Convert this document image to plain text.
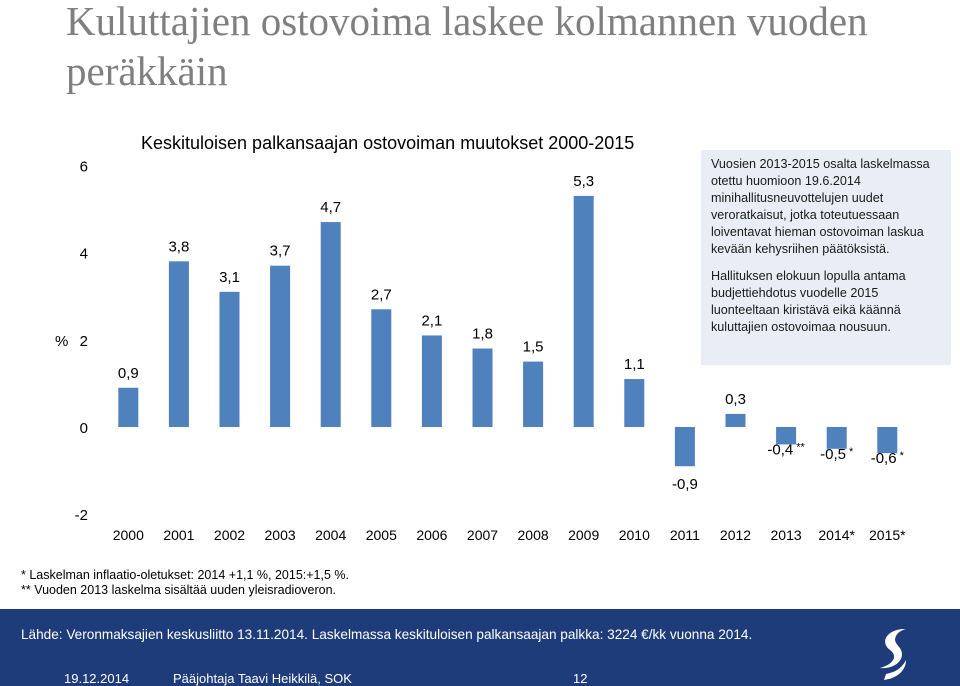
Kuluttajien ostovoima laskee kolmannen vuoden peräkkäin
Keskituloisen palkansaajan ostovoiman muutokset 2000-2015
-2
0
2
4
6
%
2000
0,9
2001
3,8
2002
3,1
2003
3,7
2004
4,7
2005
2,7
2006
2,1
2007
1,8
2008
1,5
2009
5,3
2010
1,1
2011
-0,9
2012
0,3
2013
-0,4 **
2014*
-0,5 *
2015*
-0,6 *

Vuosien 2013-2015 osalta laskelmassa otettu huomioon 19.6.2014 minihallitusneuvottelujen uudet veroratkaisut, jotka toteutuessaan loiventavat hieman ostovoiman laskua kevään kehysriihen päätöksistä.

Hallituksen elokuun lopulla antama budjettiehdotus vuodelle 2015 luonteeltaan kiristävä eikä käännä kuluttajien ostovoimaa nousuun.

* Laskelman inflaatio-oletukset: 2014 +1,1 %, 2015:+1,5 %.
** Vuoden 2013 laskelma sisältää uuden yleisradioveron.
Lähde: Veronmaksajien keskusliitto 13.11.2014. Laskelmassa keskituloisen palkansaajan palkka: 3224 €/kk vuonna 2014.
19.12.2014	Pääjohtaja Taavi Heikkilä, SOK	12
